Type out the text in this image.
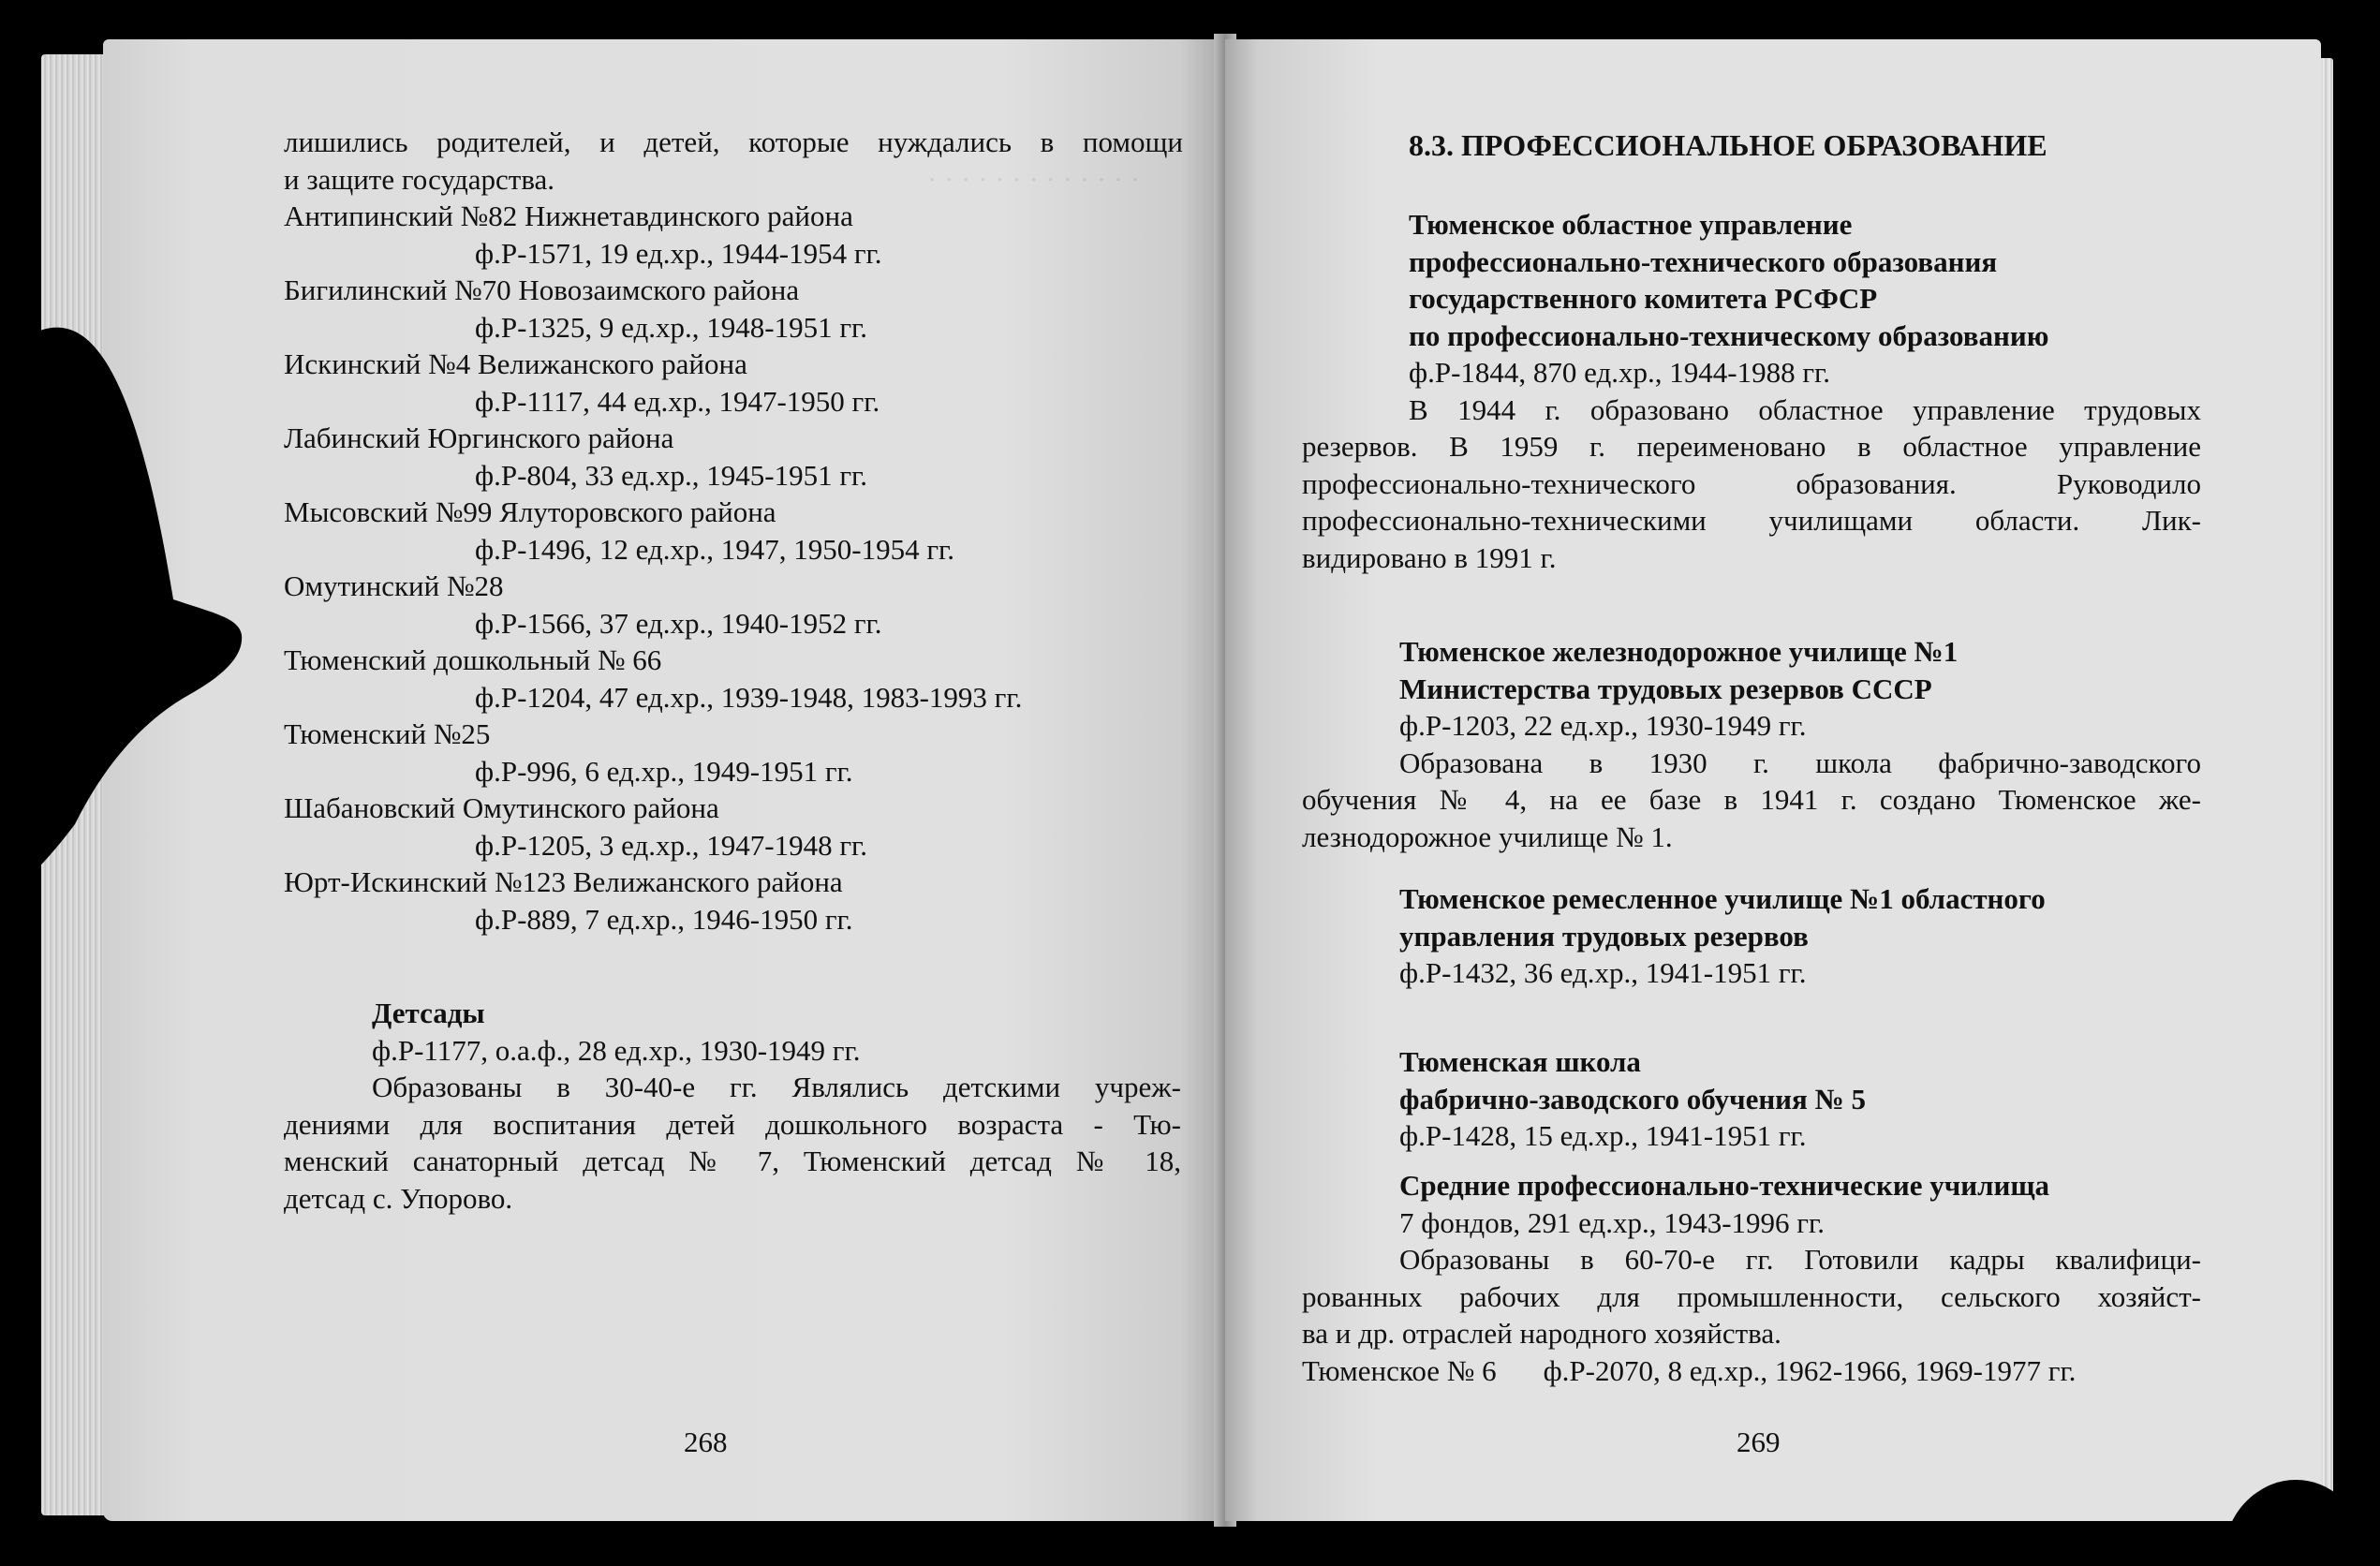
· · · · · · · · · · · · ·

лишились родителей, и детей, которые нуждались в помощи

и защите государства.

Антипинский №82 Нижнетавдинского района

ф.Р-1571, 19 ед.хр., 1944-1954 гг.

Бигилинский №70 Новозаимского района

ф.Р-1325, 9 ед.хр., 1948-1951 гг.

Искинский №4 Велижанского района

ф.Р-1117, 44 ед.хр., 1947-1950 гг.

Лабинский Юргинского района

ф.Р-804, 33 ед.хр., 1945-1951 гг.

Мысовский №99 Ялуторовского района

ф.Р-1496, 12 ед.хр., 1947, 1950-1954 гг.

Омутинский №28

ф.Р-1566, 37 ед.хр., 1940-1952 гг.

Тюменский дошкольный № 66

ф.Р-1204, 47 ед.хр., 1939-1948, 1983-1993 гг.

Тюменский №25

ф.Р-996, 6 ед.хр., 1949-1951 гг.

Шабановский Омутинского района

ф.Р-1205, 3 ед.хр., 1947-1948 гг.

Юрт-Искинский №123 Велижанского района

ф.Р-889, 7 ед.хр., 1946-1950 гг.

Детсады

ф.Р-1177, о.а.ф., 28 ед.хр., 1930-1949 гг.

Образованы в 30-40-е гг. Являлись детскими учреж-

дениями для воспитания детей дошкольного возраста - Тю-

менский санаторный детсад № 7, Тюменский детсад № 18,

детсад с. Упорово.

268
8.3. ПРОФЕССИОНАЛЬНОЕ ОБРАЗОВАНИЕ

Тюменское областное управление

профессионально-технического образования

государственного комитета РСФСР

по профессионально-техническому образованию

ф.Р-1844, 870 ед.хр., 1944-1988 гг.

В 1944 г. образовано областное управление трудовых

резервов. В 1959 г. переименовано в областное управление

профессионально-технического образования. Руководило

профессионально-техническими училищами области. Лик-

видировано в 1991 г.

Тюменское железнодорожное училище №1

Министерства трудовых резервов СССР

ф.Р-1203, 22 ед.хр., 1930-1949 гг.

Образована в 1930 г. школа фабрично-заводского

обучения № 4, на ее базе в 1941 г. создано Тюменское же-

лезнодорожное училище № 1.

Тюменское ремесленное училище №1 областного

управления трудовых резервов

ф.Р-1432, 36 ед.хр., 1941-1951 гг.

Тюменская школа

фабрично-заводского обучения № 5

ф.Р-1428, 15 ед.хр., 1941-1951 гг.

Средние профессионально-технические училища

7 фондов, 291 ед.хр., 1943-1996 гг.

Образованы в 60-70-е гг. Готовили кадры квалифици-

рованных рабочих для промышленности, сельского хозяйст-

ва и др. отраслей народного хозяйства.

Тюменское № 6 ф.Р-2070, 8 ед.хр., 1962-1966, 1969-1977 гг.

269
